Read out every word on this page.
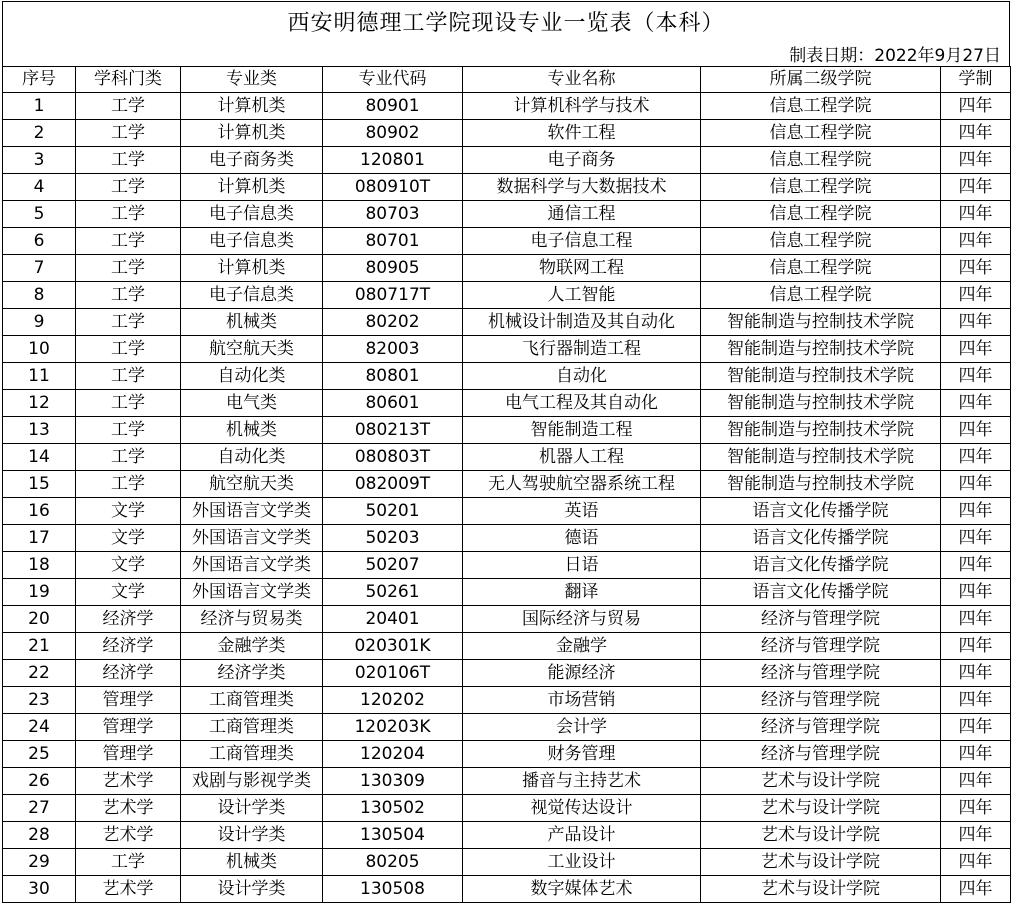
西安明德理工学院现设专业一览表（本科）
制表日期：2022年9月27日
序号	学科门类	专业类	专业代码	专业名称	所属二级学院	学制
1	工学	计算机类	80901	计算机科学与技术	信息工程学院	四年
2	工学	计算机类	80902	软件工程	信息工程学院	四年
3	工学	电子商务类	120801	电子商务	信息工程学院	四年
4	工学	计算机类	080910T	数据科学与大数据技术	信息工程学院	四年
5	工学	电子信息类	80703	通信工程	信息工程学院	四年
6	工学	电子信息类	80701	电子信息工程	信息工程学院	四年
7	工学	计算机类	80905	物联网工程	信息工程学院	四年
8	工学	电子信息类	080717T	人工智能	信息工程学院	四年
9	工学	机械类	80202	机械设计制造及其自动化	智能制造与控制技术学院	四年
10	工学	航空航天类	82003	飞行器制造工程	智能制造与控制技术学院	四年
11	工学	自动化类	80801	自动化	智能制造与控制技术学院	四年
12	工学	电气类	80601	电气工程及其自动化	智能制造与控制技术学院	四年
13	工学	机械类	080213T	智能制造工程	智能制造与控制技术学院	四年
14	工学	自动化类	080803T	机器人工程	智能制造与控制技术学院	四年
15	工学	航空航天类	082009T	无人驾驶航空器系统工程	智能制造与控制技术学院	四年
16	文学	外国语言文学类	50201	英语	语言文化传播学院	四年
17	文学	外国语言文学类	50203	德语	语言文化传播学院	四年
18	文学	外国语言文学类	50207	日语	语言文化传播学院	四年
19	文学	外国语言文学类	50261	翻译	语言文化传播学院	四年
20	经济学	经济与贸易类	20401	国际经济与贸易	经济与管理学院	四年
21	经济学	金融学类	020301K	金融学	经济与管理学院	四年
22	经济学	经济学类	020106T	能源经济	经济与管理学院	四年
23	管理学	工商管理类	120202	市场营销	经济与管理学院	四年
24	管理学	工商管理类	120203K	会计学	经济与管理学院	四年
25	管理学	工商管理类	120204	财务管理	经济与管理学院	四年
26	艺术学	戏剧与影视学类	130309	播音与主持艺术	艺术与设计学院	四年
27	艺术学	设计学类	130502	视觉传达设计	艺术与设计学院	四年
28	艺术学	设计学类	130504	产品设计	艺术与设计学院	四年
29	工学	机械类	80205	工业设计	艺术与设计学院	四年
30	艺术学	设计学类	130508	数字媒体艺术	艺术与设计学院	四年
